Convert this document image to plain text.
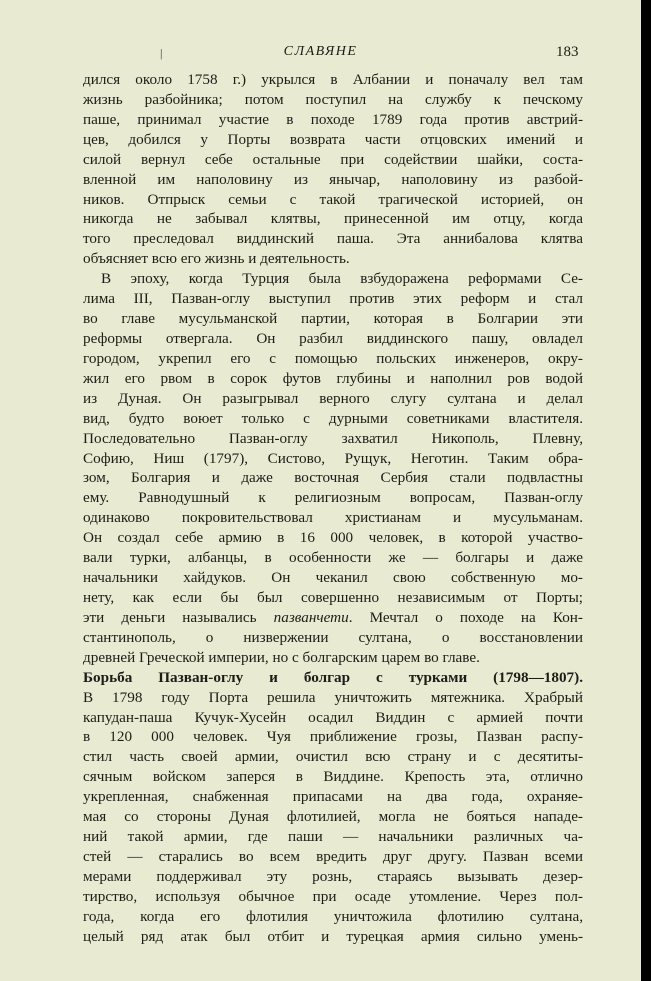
|	СЛАВЯНЕ	183
дился около 1758 г.) укрылся в Албании и поначалу вел там
жизнь разбойника; потом поступил на службу к печскому
паше, принимал участие в походе 1789 года против австрий-
цев, добился у Порты возврата части отцовских имений и
силой вернул себе остальные при содействии шайки, соста-
вленной им наполовину из янычар, наполовину из разбой-
ников. Отпрыск семьи с такой трагической историей, он
никогда не забывал клятвы, принесенной им отцу, когда
того преследовал виддинский паша. Эта аннибалова клятва
объясняет всю его жизнь и деятельность.
В эпоху, когда Турция была взбудоражена реформами Се-
лима III, Пазван-оглу выступил против этих реформ и стал
во главе мусульманской партии, которая в Болгарии эти
реформы отвергала. Он разбил виддинского пашу, овладел
городом, укрепил его с помощью польских инженеров, окру-
жил его рвом в сорок футов глубины и наполнил ров водой
из Дуная. Он разыгрывал верного слугу султана и делал
вид, будто воюет только с дурными советниками властителя.
Последовательно Пазван-оглу захватил Никополь, Плевну,
Софию, Ниш (1797), Систово, Рущук, Неготин. Таким обра-
зом, Болгария и даже восточная Сербия стали подвластны
ему. Равнодушный к религиозным вопросам, Пазван-оглу
одинаково покровительствовал христианам и мусульманам.
Он создал себе армию в 16 000 человек, в которой участво-
вали турки, албанцы, в особенности же — болгары и даже
начальники хайдуков. Он чеканил свою собственную мо-
нету, как если бы был совершенно независимым от Порты;
эти деньги назывались пазванчети. Мечтал о походе на Кон-
стантинополь, о низвержении султана, о восстановлении
древней Греческой империи, но с болгарским царем во главе.
Борьба Пазван-оглу и болгар с турками (1798—1807).
В 1798 году Порта решила уничтожить мятежника. Храбрый
капудан-паша Кучук-Хусейн осадил Виддин с армией почти
в 120 000 человек. Чуя приближение грозы, Пазван распу-
стил часть своей армии, очистил всю страну и с десятиты-
сячным войском заперся в Виддине. Крепость эта, отлично
укрепленная, снабженная припасами на два года, охраняе-
мая со стороны Дуная флотилией, могла не бояться нападе-
ний такой армии, где паши — начальники различных ча-
стей — старались во всем вредить друг другу. Пазван всеми
мерами поддерживал эту рознь, стараясь вызывать дезер-
тирство, используя обычное при осаде утомление. Через пол-
года, когда его флотилия уничтожила флотилию султана,
целый ряд атак был отбит и турецкая армия сильно умень-
